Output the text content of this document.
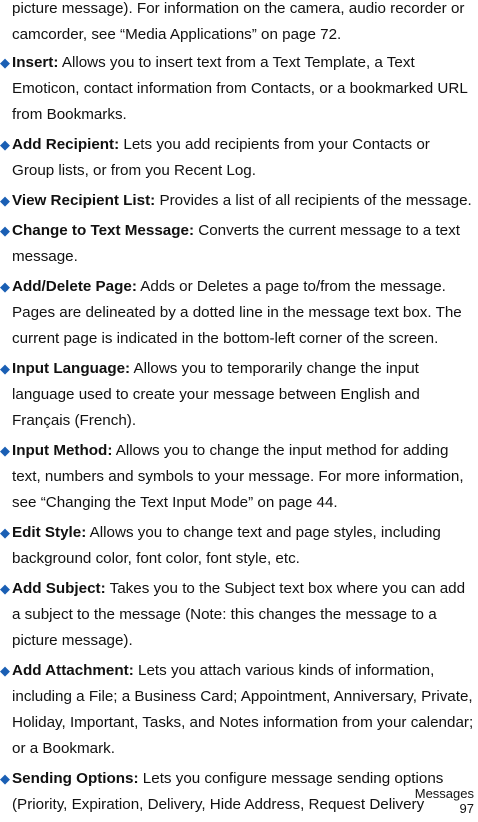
picture message). For information on the camera, audio recorder or camcorder, see “Media Applications” on page 72.
◆ Insert: Allows you to insert text from a Text Template, a Text Emoticon, contact information from Contacts, or a bookmarked URL from Bookmarks.
◆ Add Recipient: Lets you add recipients from your Contacts or Group lists, or from you Recent Log.
◆ View Recipient List: Provides a list of all recipients of the message.
◆ Change to Text Message: Converts the current message to a text message.
◆ Add/Delete Page: Adds or Deletes a page to/from the message. Pages are delineated by a dotted line in the message text box. The current page is indicated in the bottom-left corner of the screen.
◆ Input Language: Allows you to temporarily change the input language used to create your message between English and Français (French).
◆ Input Method: Allows you to change the input method for adding text, numbers and symbols to your message. For more information, see “Changing the Text Input Mode” on page 44.
◆ Edit Style: Allows you to change text and page styles, including background color, font color, font style, etc.
◆ Add Subject: Takes you to the Subject text box where you can add a subject to the message (Note: this changes the message to a picture message).
◆ Add Attachment: Lets you attach various kinds of information, including a File; a Business Card; Appointment, Anniversary, Private, Holiday, Important, Tasks, and Notes information from your calendar; or a Bookmark.
◆ Sending Options: Lets you configure message sending options (Priority, Expiration, Delivery, Hide Address, Request Delivery
Messages
97
